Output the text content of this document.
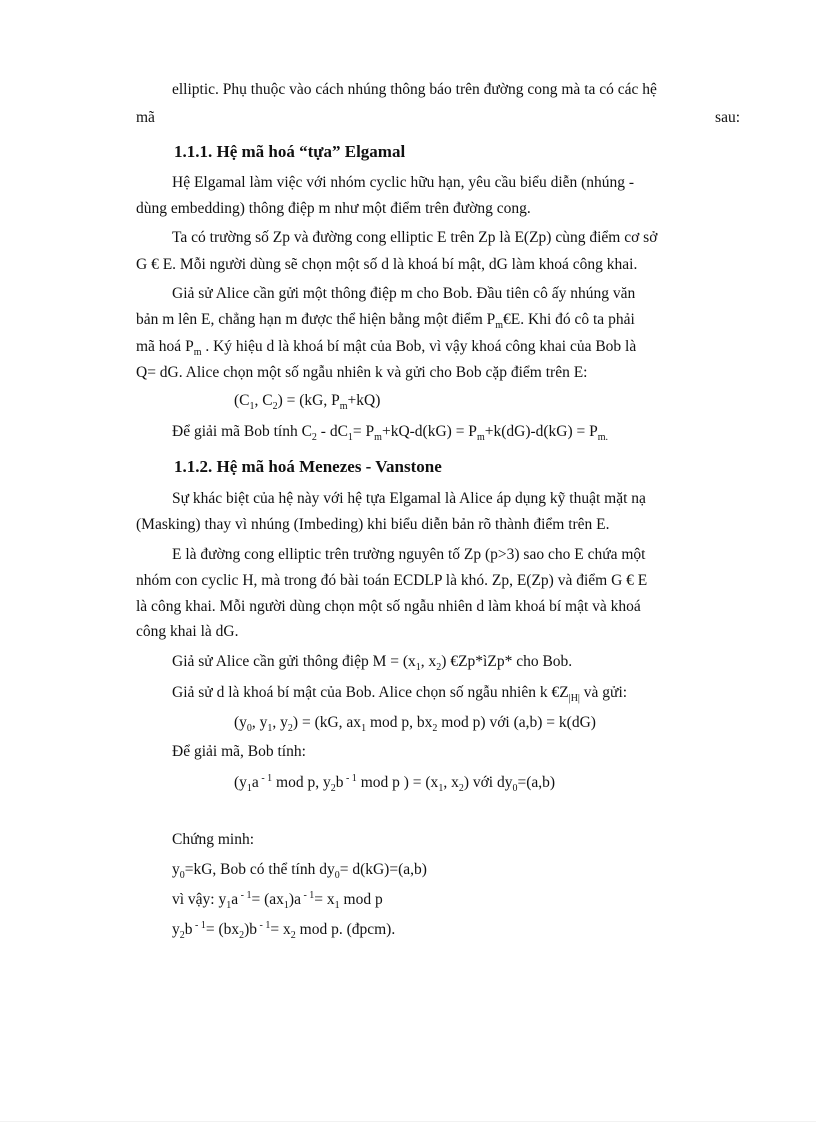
elliptic. Phụ thuộc vào cách nhúng thông báo trên đường cong mà ta có các hệ
mã	sau:
1.1.1. Hệ mã hoá “tựa” Elgamal
Hệ Elgamal làm việc với nhóm cyclic hữu hạn, yêu cầu biểu diễn (nhúng -
dùng embedding) thông điệp m như một điểm trên đường cong.
Ta có trường số Zp và đường cong elliptic E trên Zp là E(Zp) cùng điểm cơ sở
G € E. Mỗi người dùng sẽ chọn một số d là khoá bí mật, dG làm khoá công khai.
Giả sử Alice cần gửi một thông điệp m cho Bob. Đầu tiên cô ấy nhúng văn
bản m lên E, chẳng hạn m được thể hiện bằng một điểm $P_m€E$. Khi đó cô ta phải
mã hoá $P_m$ . Ký hiệu d là khoá bí mật của Bob, vì vậy khoá công khai của Bob là
Q= dG. Alice chọn một số ngẫu nhiên k và gửi cho Bob cặp điểm trên E:
($C_1$, $C_2) = (kG$, $P_m+kQ$)
Để giải mã Bob tính $C_2 - dC_1= P_m+kQ-d(kG) = P_m+k(dG)-d(kG) = P_{m.}$
1.1.2. Hệ mã hoá Menezes - Vanstone
Sự khác biệt của hệ này với hệ tựa Elgamal là Alice áp dụng kỹ thuật mặt nạ
(Masking) thay vì nhúng (Imbeding) khi biểu diễn bản rõ thành điểm trên E.
E là đường cong elliptic trên trường nguyên tố Zp (p>3) sao cho E chứa một
nhóm con cyclic H, mà trong đó bài toán ECDLP là khó. Zp, E(Zp) và điểm G € E
là công khai. Mỗi người dùng chọn một số ngẫu nhiên d làm khoá bí mật và khoá
công khai là dG.
Giả sử Alice cần gửi thông điệp $M = (x_1$, $x_2$) €Zp*ìZp* cho Bob.
Giả sử d là khoá bí mật của Bob. Alice chọn số ngẫu nhiên k $€Z_{|H|}$ và gửi:
($y_0$, $y_1$, $y_2) = (kG$, $ax_1$ mod p, $bx_2$ mod p) với (a,b) = k(dG)
Để giải mã, Bob tính:
($y_1a$ $^{- 1}$ mod p, $y_2b$ $^{- 1}$ mod p ) = ($x_1$, $x_2$) với $dy_0=(a,b)$
Chứng minh:
$y_0=kG$, Bob có thể tính $dy_0= d(kG)=(a,b)$
vì vậy: $y_1a$ $^{- 1}= (ax_1)a$ $^{- 1}= x_1$ mod p
$y_2b$ $^{- 1}= (bx_2)b$ $^{- 1}= x_2$ mod p. (đpcm).
